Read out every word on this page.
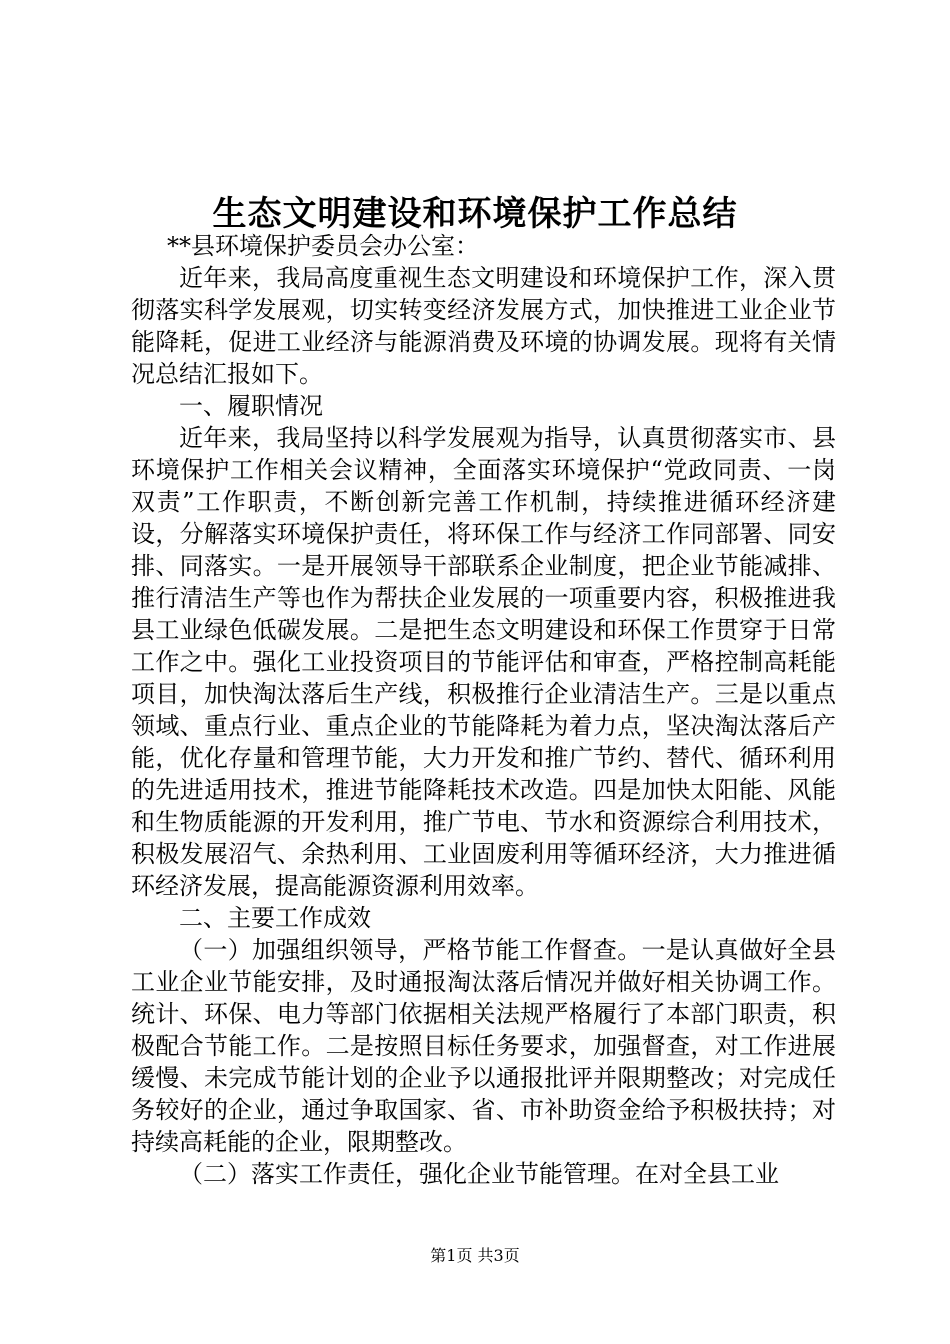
生态文明建设和环境保护工作总结

**县环境保护委员会办公室：

近年来，我局高度重视生态文明建设和环境保护工作，深入贯彻落实科学发展观，切实转变经济发展方式，加快推进工业企业节能降耗，促进工业经济与能源消费及环境的协调发展。现将有关情况总结汇报如下。

一、履职情况

近年来，我局坚持以科学发展观为指导，认真贯彻落实市、县环境保护工作相关会议精神，全面落实环境保护“党政同责、一岗双责”工作职责，不断创新完善工作机制，持续推进循环经济建设，分解落实环境保护责任，将环保工作与经济工作同部署、同安排、同落实。一是开展领导干部联系企业制度，把企业节能减排、推行清洁生产等也作为帮扶企业发展的一项重要内容，积极推进我县工业绿色低碳发展。二是把生态文明建设和环保工作贯穿于日常工作之中。强化工业投资项目的节能评估和审查，严格控制高耗能项目，加快淘汰落后生产线，积极推行企业清洁生产。三是以重点领域、重点行业、重点企业的节能降耗为着力点，坚决淘汰落后产能，优化存量和管理节能，大力开发和推广节约、替代、循环利用的先进适用技术，推进节能降耗技术改造。四是加快太阳能、风能和生物质能源的开发利用，推广节电、节水和资源综合利用技术，积极发展沼气、余热利用、工业固废利用等循环经济，大力推进循环经济发展，提高能源资源利用效率。

二、主要工作成效

（一）加强组织领导，严格节能工作督查。一是认真做好全县工业企业节能安排，及时通报淘汰落后情况并做好相关协调工作。统计、环保、电力等部门依据相关法规严格履行了本部门职责，积极配合节能工作。二是按照目标任务要求，加强督查，对工作进展缓慢、未完成节能计划的企业予以通报批评并限期整改；对完成任务较好的企业，通过争取国家、省、市补助资金给予积极扶持；对持续高耗能的企业，限期整改。

（二）落实工作责任，强化企业节能管理。在对全县工业

第1页 共3页
